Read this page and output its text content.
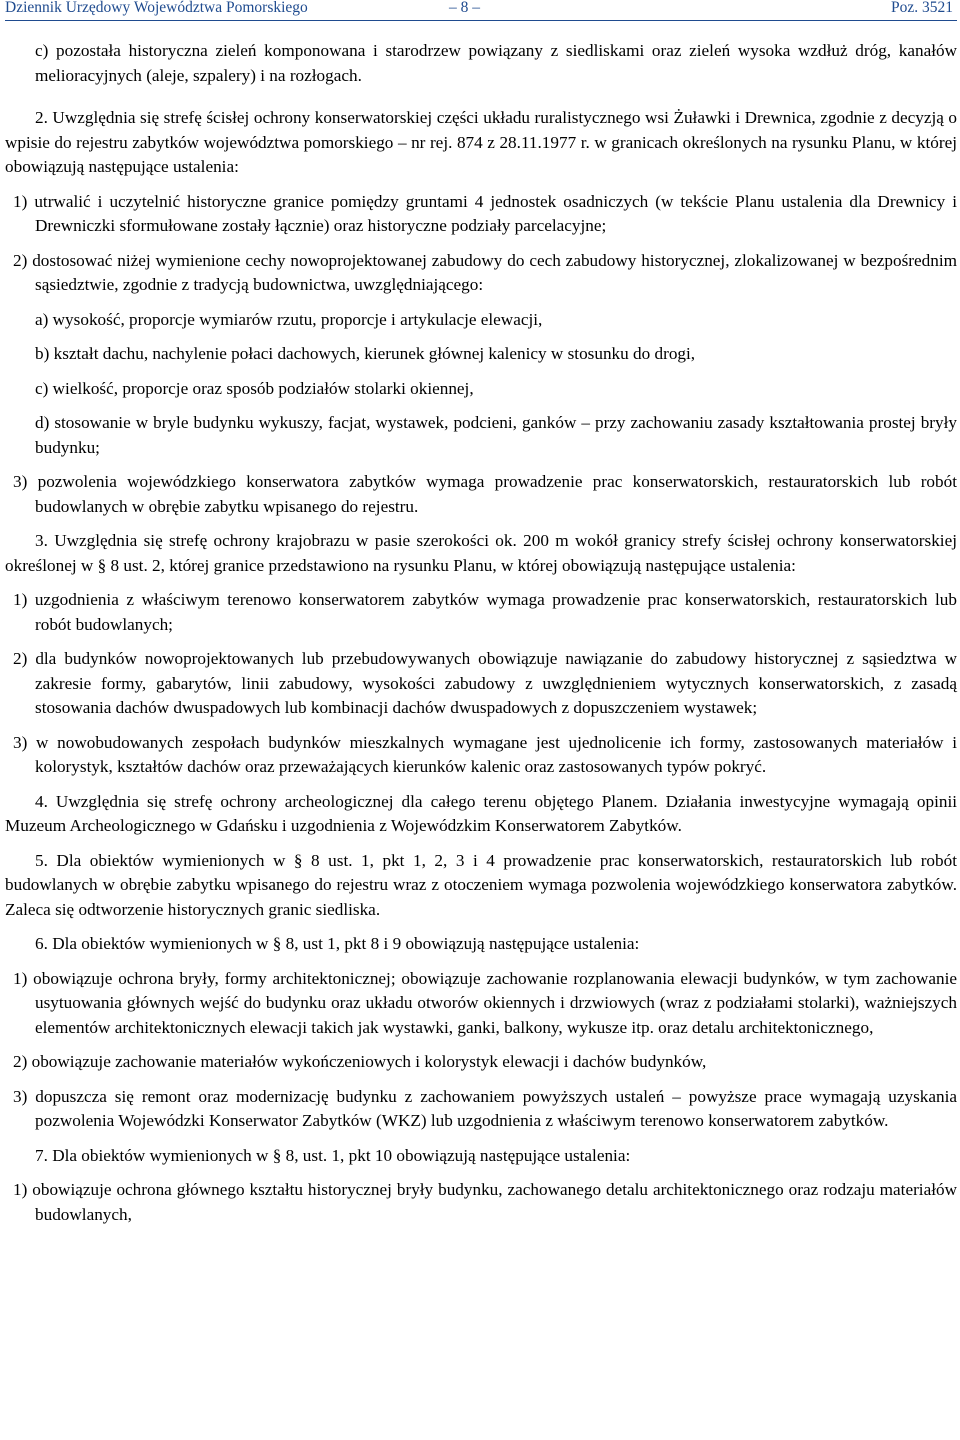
Dziennik Urzędowy Województwa Pomorskiego	– 8 –	Poz. 3521

c) pozostała historyczna zieleń komponowana i starodrzew powiązany z siedliskami oraz zieleń wysoka wzdłuż dróg, kanałów melioracyjnych (aleje, szpalery) i na rozłogach.

2. Uwzględnia się strefę ścisłej ochrony konserwatorskiej części układu ruralistycznego wsi Żuławki i Drewnica, zgodnie z decyzją o wpisie do rejestru zabytków województwa pomorskiego – nr rej. 874 z 28.11.1977 r. w granicach określonych na rysunku Planu, w której obowiązują następujące ustalenia:

1) utrwalić i uczytelnić historyczne granice pomiędzy gruntami 4 jednostek osadniczych (w tekście Planu ustalenia dla Drewnicy i Drewniczki sformułowane zostały łącznie) oraz historyczne podziały parcelacyjne;

2) dostosować niżej wymienione cechy nowoprojektowanej zabudowy do cech zabudowy historycznej, zlokalizowanej w bezpośrednim sąsiedztwie, zgodnie z tradycją budownictwa, uwzględniającego:

a) wysokość, proporcje wymiarów rzutu, proporcje i artykulacje elewacji,

b) kształt dachu, nachylenie połaci dachowych, kierunek głównej kalenicy w stosunku do drogi,

c) wielkość, proporcje oraz sposób podziałów stolarki okiennej,

d) stosowanie w bryle budynku wykuszy, facjat, wystawek, podcieni, ganków – przy zachowaniu zasady kształtowania prostej bryły budynku;

3) pozwolenia wojewódzkiego konserwatora zabytków wymaga prowadzenie prac konserwatorskich, restauratorskich lub robót budowlanych w obrębie zabytku wpisanego do rejestru.

3. Uwzględnia się strefę ochrony krajobrazu w pasie szerokości ok. 200 m wokół granicy strefy ścisłej ochrony konserwatorskiej określonej w § 8 ust. 2, której granice przedstawiono na rysunku Planu, w której obowiązują następujące ustalenia:

1) uzgodnienia z właściwym terenowo konserwatorem zabytków wymaga prowadzenie prac konserwatorskich, restauratorskich lub robót budowlanych;

2) dla budynków nowoprojektowanych lub przebudowywanych obowiązuje nawiązanie do zabudowy historycznej z sąsiedztwa w zakresie formy, gabarytów, linii zabudowy, wysokości zabudowy z uwzględnieniem wytycznych konserwatorskich, z zasadą stosowania dachów dwuspadowych lub kombinacji dachów dwuspadowych z dopuszczeniem wystawek;

3) w nowobudowanych zespołach budynków mieszkalnych wymagane jest ujednolicenie ich formy, zastosowanych materiałów i kolorystyk, kształtów dachów oraz przeważających kierunków kalenic oraz zastosowanych typów pokryć.

4. Uwzględnia się strefę ochrony archeologicznej dla całego terenu objętego Planem. Działania inwestycyjne wymagają opinii Muzeum Archeologicznego w Gdańsku i uzgodnienia z Wojewódzkim Konserwatorem Zabytków.

5. Dla obiektów wymienionych w § 8 ust. 1, pkt 1, 2, 3 i 4 prowadzenie prac konserwatorskich, restauratorskich lub robót budowlanych w obrębie zabytku wpisanego do rejestru wraz z otoczeniem wymaga pozwolenia wojewódzkiego konserwatora zabytków. Zaleca się odtworzenie historycznych granic siedliska.

6. Dla obiektów wymienionych w § 8, ust 1, pkt 8 i 9 obowiązują następujące ustalenia:

1) obowiązuje ochrona bryły, formy architektonicznej; obowiązuje zachowanie rozplanowania elewacji budynków, w tym zachowanie usytuowania głównych wejść do budynku oraz układu otworów okiennych i drzwiowych (wraz z podziałami stolarki), ważniejszych elementów architektonicznych elewacji takich jak wystawki, ganki, balkony, wykusze itp. oraz detalu architektonicznego,

2) obowiązuje zachowanie materiałów wykończeniowych i kolorystyk elewacji i dachów budynków,

3) dopuszcza się remont oraz modernizację budynku z zachowaniem powyższych ustaleń – powyższe prace wymagają uzyskania pozwolenia Wojewódzki Konserwator Zabytków (WKZ) lub uzgodnienia z właściwym terenowo konserwatorem zabytków.

7. Dla obiektów wymienionych w § 8, ust. 1, pkt 10 obowiązują następujące ustalenia:

1) obowiązuje ochrona głównego kształtu historycznej bryły budynku, zachowanego detalu architektonicznego oraz rodzaju materiałów budowlanych,
